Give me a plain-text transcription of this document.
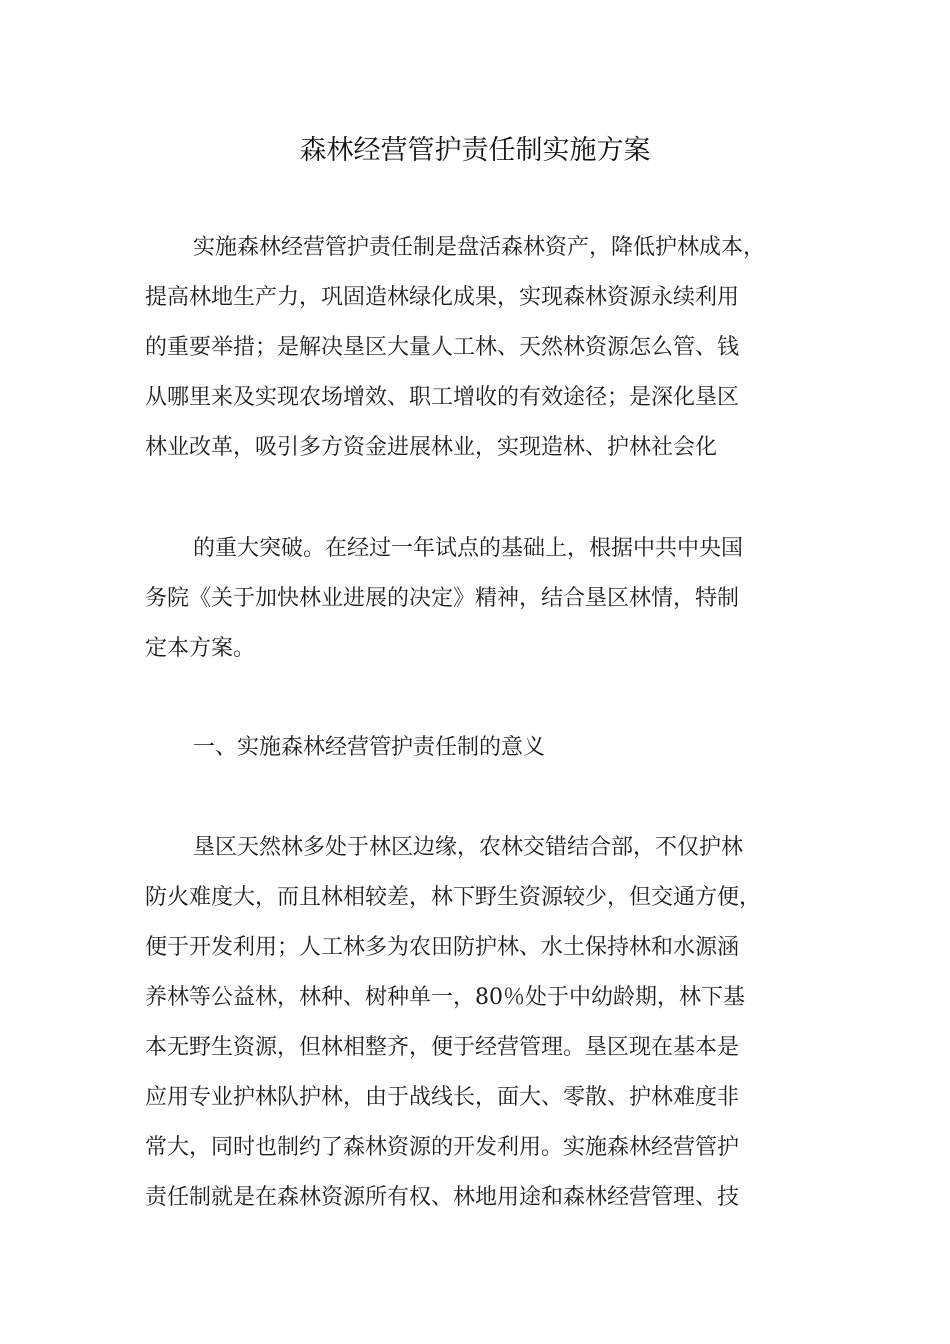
森林经营管护责任制实施方案
实施森林经营管护责任制是盘活森林资产，降低护林成本，
提高林地生产力，巩固造林绿化成果，实现森林资源永续利用
的重要举措；是解决垦区大量人工林、天然林资源怎么管、钱
从哪里来及实现农场增效、职工增收的有效途径；是深化垦区
林业改革，吸引多方资金进展林业，实现造林、护林社会化
的重大突破。在经过一年试点的基础上，根据中共中央国
务院《关于加快林业进展的决定》精神，结合垦区林情，特制
定本方案。
一、实施森林经营管护责任制的意义
垦区天然林多处于林区边缘，农林交错结合部，不仅护林
防火难度大，而且林相较差，林下野生资源较少，但交通方便，
便于开发利用；人工林多为农田防护林、水土保持林和水源涵
养林等公益林，林种、树种单一，80％处于中幼龄期，林下基
本无野生资源，但林相整齐，便于经营管理。垦区现在基本是
应用专业护林队护林，由于战线长，面大、零散、护林难度非
常大，同时也制约了森林资源的开发利用。实施森林经营管护
责任制就是在森林资源所有权、林地用途和森林经营管理、技
